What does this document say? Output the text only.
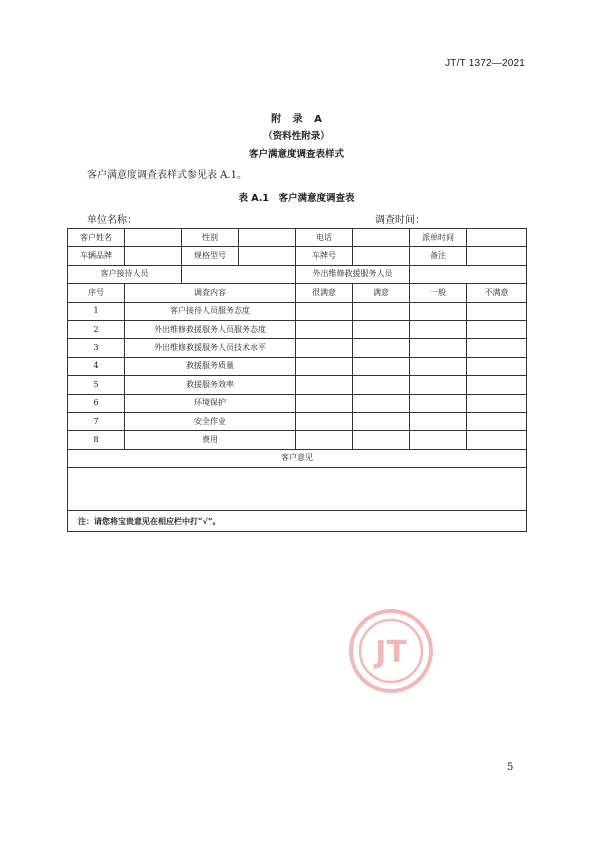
JT/T 1372—2021
附 录 A
（资料性附录）
客户满意度调查表样式
客户满意度调查表样式参见表 A.1。
表 A.1　客户满意度调查表
单位名称：	调查时间：
客户姓名		性别		电话		派单时间	
车辆品牌		规格型号		车牌号		备注	
客户接待人员				外出维修救援服务人员			
序号	调查内容			很满意	满意	一般	不满意
1	客户接待人员服务态度						
2	外出维修救援服务人员服务态度						
3	外出维修救援服务人员技术水平						
4	救援服务质量						
5	救援服务效率						
6	环境保护						
7	安全作业						
8	费用						
客户意见							

注：请您将宝贵意见在相应栏中打“√”。							
JT
5
